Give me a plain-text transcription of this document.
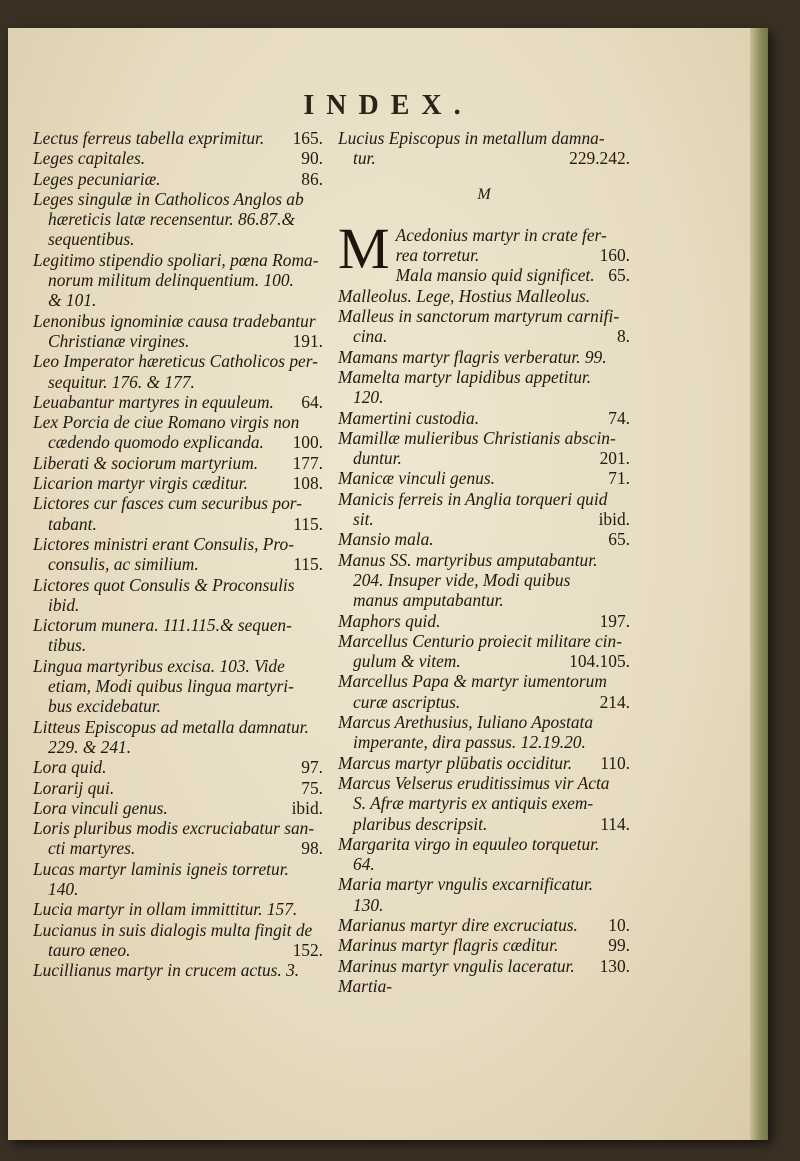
INDEX.
Lectus ferreus tabella exprimitur. 165.
Leges capitales.	90.
Leges pecuniariæ.	86.
Leges singulæ in Catholicos Anglos ab
hæreticis latæ recensentur. 86.87.&
sequentibus.
Legitimo stipendio spoliari, pœna Roma-
norum militum delinquentium. 100.
& 101.
Lenonibus ignominiæ causa tradebantur
Christianæ virgines.	191.
Leo Imperator hæreticus Catholicos per-
sequitur. 176. & 177.
Leuabantur martyres in equuleum. 64.
Lex Porcia de ciue Romano virgis non
cædendo quomodo explicanda. 100.
Liberati & sociorum martyrium. 177.
Licarion martyr virgis cæditur.	108.
Lictores cur fasces cum securibus por-
tabant.	115.
Lictores ministri erant Consulis, Pro-
consulis, ac similium.	115.
Lictores quot Consulis & Proconsulis
ibid.
Lictorum munera. 111.115.& sequen-
tibus.
Lingua martyribus excisa. 103. Vide
etiam, Modi quibus lingua martyri-
bus excidebatur.
Litteus Episcopus ad metalla damnatur.
229. & 241.
Lora quid.	97.
Lorarij qui.	75.
Lora vinculi genus.	ibid.
Loris pluribus modis excruciabatur san-
cti martyres.	98.
Lucas martyr laminis igneis torretur.
140.
Lucia martyr in ollam immittitur. 157.
Lucianus in suis dialogis multa fingit de
tauro æneo.	152.
Lucillianus martyr in crucem actus. 3.
Lucius Episcopus in metallum damna-
tur.	229.242.
M
M Acedonius martyr in crate fer-
rea torretur.	160.
Mala mansio quid significet. 65.
Malleolus. Lege, Hostius Malleolus.
Malleus in sanctorum martyrum carnifi-
cina.	8.
Mamans martyr flagris verberatur. 99.
Mamelta martyr lapidibus appetitur.
120.
Mamertini custodia.	74.
Mamillæ mulieribus Christianis abscin-
duntur.	201.
Manicæ vinculi genus.	71.
Manicis ferreis in Anglia torqueri quid
sit.	ibid.
Mansio mala.	65.
Manus SS. martyribus amputabantur.
204. Insuper vide, Modi quibus
manus amputabantur.
Maphors quid.	197.
Marcellus Centurio proiecit militare cin-
gulum & vitem.	104.105.
Marcellus Papa & martyr iumentorum
curæ ascriptus.	214.
Marcus Arethusius, Iuliano Apostata
imperante, dira passus. 12.19.20.
Marcus martyr plūbatis occiditur. 110.
Marcus Velserus eruditissimus vir Acta
S. Afræ martyris ex antiquis exem-
plaribus descripsit.	114.
Margarita virgo in equuleo torquetur.
64.
Maria martyr vngulis excarnificatur.
130.
Marianus martyr dire excruciatus. 10.
Marinus martyr flagris cæditur.	99.
Marinus martyr vngulis laceratur. 130.
Martia-
